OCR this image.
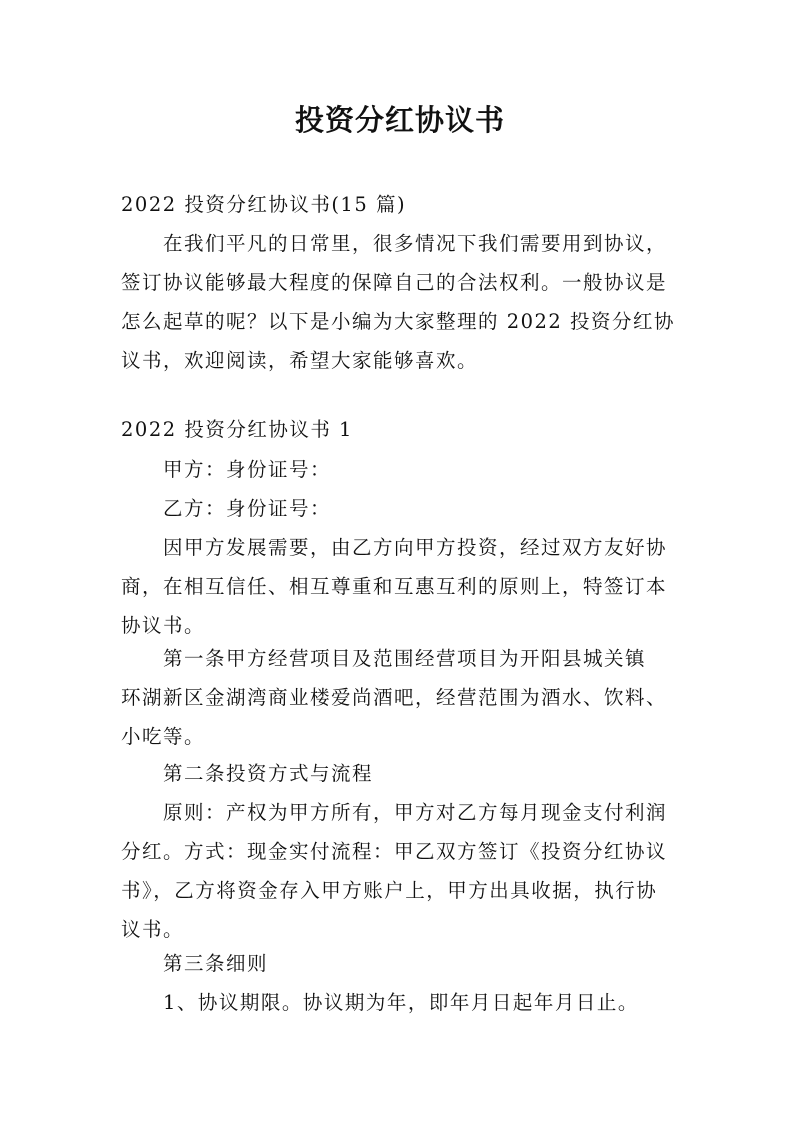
投资分红协议书
2022 投资分红协议书(15 篇)
在我们平凡的日常里，很多情况下我们需要用到协议，
签订协议能够最大程度的保障自己的合法权利。一般协议是
怎么起草的呢？以下是小编为大家整理的 2022 投资分红协
议书，欢迎阅读，希望大家能够喜欢。
2022 投资分红协议书 1
甲方：身份证号：
乙方：身份证号：
因甲方发展需要，由乙方向甲方投资，经过双方友好协
商，在相互信任、相互尊重和互惠互利的原则上，特签订本
协议书。
第一条甲方经营项目及范围经营项目为开阳县城关镇
环湖新区金湖湾商业楼爱尚酒吧，经营范围为酒水、饮料、
小吃等。
第二条投资方式与流程
原则：产权为甲方所有，甲方对乙方每月现金支付利润
分红。方式：现金实付流程：甲乙双方签订《投资分红协议
书》，乙方将资金存入甲方账户上，甲方出具收据，执行协
议书。
第三条细则
1、协议期限。协议期为年，即年月日起年月日止。
